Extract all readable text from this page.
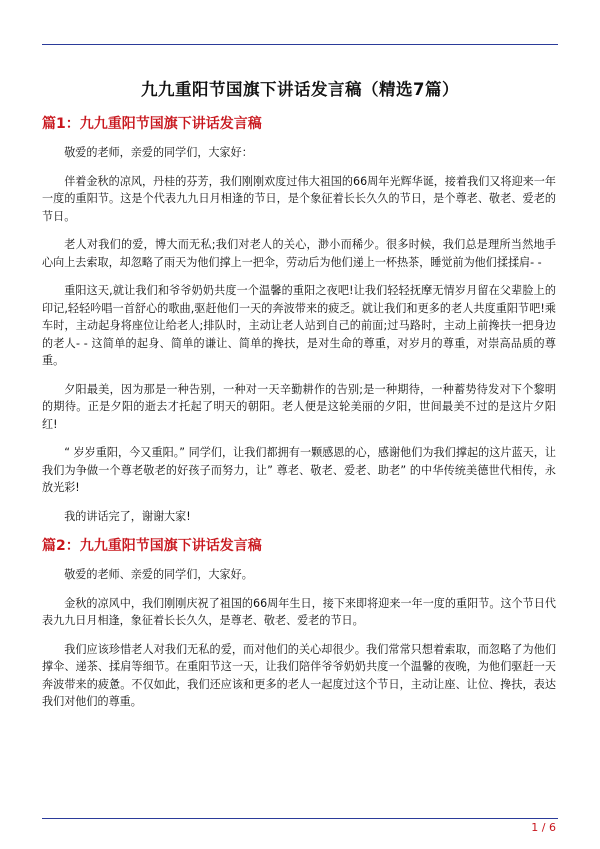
九九重阳节国旗下讲话发言稿（精选7篇）
篇1：九九重阳节国旗下讲话发言稿

敬爱的老师，亲爱的同学们，大家好：

伴着金秋的凉风，丹桂的芬芳，我们刚刚欢度过伟大祖国的66周年光辉华诞，接着我们又将迎来一年一度的重阳节。这是个代表九九日月相逢的节日，是个象征着长长久久的节日，是个尊老、敬老、爱老的节日。

老人对我们的爱，博大而无私;我们对老人的关心，渺小而稀少。很多时候，我们总是理所当然地手心向上去索取，却忽略了雨天为他们撑上一把伞，劳动后为他们递上一杯热茶，睡觉前为他们揉揉肩- -

重阳这天,就让我们和爷爷奶奶共度一个温馨的重阳之夜吧!让我们轻轻抚摩无情岁月留在父辈脸上的印记,轻轻吟唱一首舒心的歌曲,驱赶他们一天的奔波带来的疲乏。就让我们和更多的老人共度重阳节吧!乘车时，主动起身将座位让给老人;排队时，主动让老人站到自己的前面;过马路时，主动上前搀扶一把身边的老人- - 这简单的起身、简单的谦让、简单的搀扶，是对生命的尊重，对岁月的尊重，对崇高品质的尊重。

夕阳最美，因为那是一种告别，一种对一天辛勤耕作的告别;是一种期待，一种蓄势待发对下个黎明的期待。正是夕阳的逝去才托起了明天的朝阳。老人便是这轮美丽的夕阳，世间最美不过的是这片夕阳红!

“ 岁岁重阳，今又重阳。” 同学们，让我们都拥有一颗感恩的心，感谢他们为我们撑起的这片蓝天，让我们为争做一个尊老敬老的好孩子而努力，让” 尊老、敬老、爱老、助老” 的中华传统美德世代相传，永放光彩!

我的讲话完了，谢谢大家!

篇2：九九重阳节国旗下讲话发言稿

敬爱的老师、亲爱的同学们，大家好。

金秋的凉风中，我们刚刚庆祝了祖国的66周年生日，接下来即将迎来一年一度的重阳节。这个节日代表九九日月相逢，象征着长长久久，是尊老、敬老、爱老的节日。

我们应该珍惜老人对我们无私的爱，而对他们的关心却很少。我们常常只想着索取，而忽略了为他们撑伞、递茶、揉肩等细节。在重阳节这一天，让我们陪伴爷爷奶奶共度一个温馨的夜晚，为他们驱赶一天奔波带来的疲惫。不仅如此，我们还应该和更多的老人一起度过这个节日，主动让座、让位、搀扶，表达我们对他们的尊重。

1 / 6
